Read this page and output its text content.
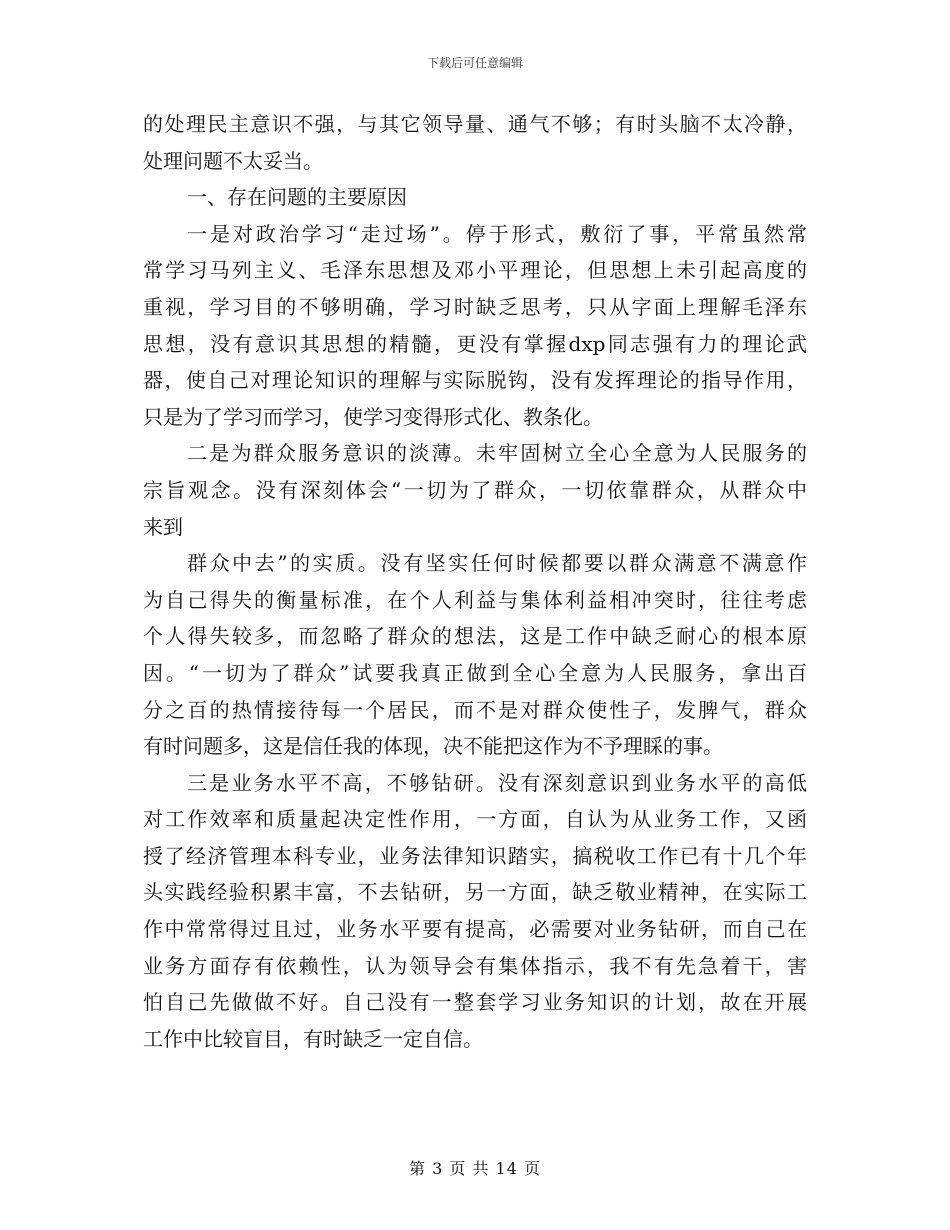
下载后可任意编辑
的处理民主意识不强，与其它领导量、通气不够；有时头脑不太冷静，
处理问题不太妥当。
一、存在问题的主要原因
一是对政治学习“走过场”。停于形式，敷衍了事，平常虽然常
常学习马列主义、毛泽东思想及邓小平理论，但思想上未引起高度的
重视，学习目的不够明确，学习时缺乏思考，只从字面上理解毛泽东
思想，没有意识其思想的精髓，更没有掌握dxp同志强有力的理论武
器，使自己对理论知识的理解与实际脱钩，没有发挥理论的指导作用，
只是为了学习而学习，使学习变得形式化、教条化。
二是为群众服务意识的淡薄。未牢固树立全心全意为人民服务的
宗旨观念。没有深刻体会“一切为了群众，一切依靠群众，从群众中
来到
群众中去”的实质。没有坚实任何时候都要以群众满意不满意作
为自己得失的衡量标准，在个人利益与集体利益相冲突时，往往考虑
个人得失较多，而忽略了群众的想法，这是工作中缺乏耐心的根本原
因。“一切为了群众”试要我真正做到全心全意为人民服务，拿出百
分之百的热情接待每一个居民，而不是对群众使性子，发脾气，群众
有时问题多，这是信任我的体现，决不能把这作为不予理睬的事。
三是业务水平不高，不够钻研。没有深刻意识到业务水平的高低
对工作效率和质量起决定性作用，一方面，自认为从业务工作，又函
授了经济管理本科专业，业务法律知识踏实，搞税收工作已有十几个年
头实践经验积累丰富，不去钻研，另一方面，缺乏敬业精神，在实际工
作中常常得过且过，业务水平要有提高，必需要对业务钻研，而自己在
业务方面存有依赖性，认为领导会有集体指示，我不有先急着干，害
怕自己先做做不好。自己没有一整套学习业务知识的计划，故在开展
工作中比较盲目，有时缺乏一定自信。
第 3 页 共 14 页
